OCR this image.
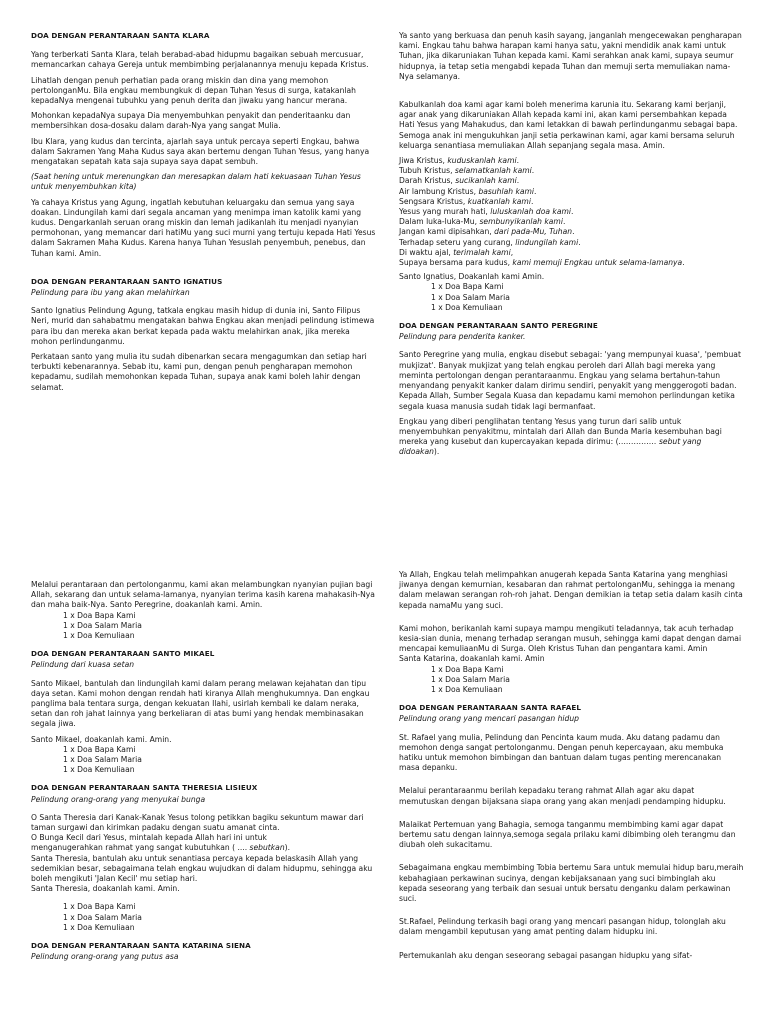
DOA DENGAN PERANTARAAN SANTA KLARA
Yang terberkati Santa Klara, telah berabad-abad hidupmu bagaikan sebuah mercusuar, memancarkan cahaya Gereja untuk membimbing perjalanannya menuju kepada Kristus.
Lihatlah dengan penuh perhatian pada orang miskin dan dina yang memohon pertolonganMu. Bila engkau membungkuk di depan Tuhan Yesus di surga, katakanlah kepadaNya mengenai tubuhku yang penuh derita dan jiwaku yang hancur merana.
Mohonkan kepadaNya supaya Dia menyembuhkan penyakit dan penderitaanku dan membersihkan dosa-dosaku dalam darah-Nya yang sangat Mulia.
Ibu Klara, yang kudus dan tercinta, ajarlah saya untuk percaya seperti Engkau, bahwa dalam Sakramen Yang Maha Kudus saya akan bertemu dengan Tuhan Yesus, yang hanya mengatakan sepatah kata saja supaya saya dapat sembuh.
(Saat hening untuk merenungkan dan meresapkan dalam hati kekuasaan Tuhan Yesus untuk menyembuhkan kita)
Ya cahaya Kristus yang Agung, ingatlah kebutuhan keluargaku dan semua yang saya doakan. Lindungilah kami dari segala ancaman yang menimpa iman katolik kami yang kudus. Dengarkanlah seruan orang miskin dan lemah jadikanlah itu menjadi nyanyian permohonan, yang memancar dari hatiMu yang suci murni yang tertuju kepada Hati Yesus dalam Sakramen Maha Kudus. Karena hanya Tuhan Yesuslah penyembuh, penebus, dan Tuhan kami. Amin.
DOA DENGAN PERANTARAAN SANTO IGNATIUS
Pelindung para ibu yang akan melahirkan
Santo Ignatius Pelindung Agung, tatkala engkau masih hidup di dunia ini, Santo Filipus Neri, murid dan sahabatmu mengatakan bahwa Engkau akan menjadi pelindung istimewa para ibu dan mereka akan berkat kepada pada waktu melahirkan anak, jika mereka mohon perlindunganmu.
Perkataan santo yang mulia itu sudah dibenarkan secara mengagumkan dan setiap hari terbukti kebenarannya. Sebab itu, kami pun, dengan penuh pengharapan memohon kepadamu, sudilah memohonkan kepada Tuhan, supaya anak kami boleh lahir dengan selamat.
Ya santo yang berkuasa dan penuh kasih sayang, janganlah mengecewakan pengharapan kami. Engkau tahu bahwa harapan kami hanya satu, yakni mendidik anak kami untuk Tuhan, jika dikaruniakan Tuhan kepada kami. Kami serahkan anak kami, supaya seumur hidupnya, ia tetap setia mengabdi kepada Tuhan dan memuji serta memuliakan nama-Nya selamanya.
Kabulkanlah doa kami agar kami boleh menerima karunia itu. Sekarang kami berjanji, agar anak yang dikaruniakan Allah kepada kami ini, akan kami persembahkan kepada Hati Yesus yang Mahakudus, dan kami letakkan di bawah perlindunganmu sebagai bapa. Semoga anak ini mengukuhkan janji setia perkawinan kami, agar kami bersama seluruh keluarga senantiasa memuliakan Allah sepanjang segala masa. Amin.
Jiwa Kristus, kuduskanlah kami.
Tubuh Kristus, selamatkanlah kami.
Darah Kristus, sucikanlah kami.
Air lambung Kristus, basuhlah kami.
Sengsara Kristus, kuatkanlah kami.
Yesus yang murah hati, luluskanlah doa kami.
Dalam luka-luka-Mu, sembunyikanlah kami.
Jangan kami dipisahkan, dari pada-Mu, Tuhan.
Terhadap seteru yang curang, lindungilah kami.
Di waktu ajal, terimalah kami,
Supaya bersama para kudus, kami memuji Engkau untuk selama-lamanya.
Santo Ignatius, Doakanlah kami Amin.
1 x Doa Bapa Kami
1 x Doa Salam Maria
1 x Doa Kemuliaan
DOA DENGAN PERANTARAAN SANTO PEREGRINE
Pelindung para penderita kanker.
Santo Peregrine yang mulia, engkau disebut sebagai: 'yang mempunyai kuasa', 'pembuat mukjizat'. Banyak mukjizat yang telah engkau peroleh dari Allah bagi mereka yang meminta pertolongan dengan perantaraanmu. Engkau yang selama bertahun-tahun menyandang penyakit kanker dalam dirimu sendiri, penyakit yang menggerogoti badan. Kepada Allah, Sumber Segala Kuasa dan kepadamu kami memohon perlindungan ketika segala kuasa manusia sudah tidak lagi bermanfaat.
Engkau yang diberi penglihatan tentang Yesus yang turun dari salib untuk menyembuhkan penyakitmu, mintalah dari Allah dan Bunda Maria kesembuhan bagi mereka yang kusebut dan kupercayakan kepada dirimu: (…………… sebut yang didoakan).
Melalui perantaraan dan pertolonganmu, kami akan melambungkan nyanyian pujian bagi Allah, sekarang dan untuk selama-lamanya, nyanyian terima kasih karena mahakasih-Nya dan maha baik-Nya. Santo Peregrine, doakanlah kami. Amin.
1 x Doa Bapa Kami
1 x Doa Salam Maria
1 x Doa Kemuliaan
DOA DENGAN PERANTARAAN SANTO MIKAEL
Pelindung dari kuasa setan
Santo Mikael, bantulah dan lindungilah kami dalam perang melawan kejahatan dan tipu daya setan. Kami mohon dengan rendah hati kiranya Allah menghukumnya. Dan engkau panglima bala tentara surga, dengan kekuatan Ilahi, usirlah kembali ke dalam neraka, setan dan roh jahat lainnya yang berkeliaran di atas bumi yang hendak membinasakan segala jiwa.
Santo Mikael, doakanlah kami. Amin.
1 x Doa Bapa Kami
1 x Doa Salam Maria
1 x Doa Kemuliaan
DOA DENGAN PERANTARAAN SANTA THERESIA LISIEUX
Pelindung orang-orang yang menyukai bunga
O Santa Theresia dari Kanak-Kanak Yesus tolong petikkan bagiku sekuntum mawar dari taman surgawi dan kirimkan padaku dengan suatu amanat cinta.
O Bunga Kecil dari Yesus, mintalah kepada Allah hari ini untuk
menganugerahkan rahmat yang sangat kubutuhkan ( .... sebutkan).
Santa Theresia, bantulah aku untuk senantiasa percaya kepada belaskasih Allah yang sedemikian besar, sebagaimana telah engkau wujudkan di dalam hidupmu, sehingga aku boleh mengikuti 'Jalan Kecil' mu setiap hari.
Santa Theresia, doakanlah kami. Amin.
1 x Doa Bapa Kami
1 x Doa Salam Maria
1 x Doa Kemuliaan
DOA DENGAN PERANTARAAN SANTA KATARINA SIENA
Pelindung orang-orang yang putus asa
Ya Allah, Engkau telah melimpahkan anugerah kepada Santa Katarina yang menghiasi jiwanya dengan kemurnian, kesabaran dan rahmat pertolonganMu, sehingga ia menang dalam melawan serangan roh-roh jahat. Dengan demikian ia tetap setia dalam kasih cinta kepada namaMu yang suci.
Kami mohon, berikanlah kami supaya mampu mengikuti teladannya, tak acuh terhadap kesia-sian dunia, menang terhadap serangan musuh, sehingga kami dapat dengan damai mencapai kemuliaanMu di Surga. Oleh Kristus Tuhan dan pengantara kami. Amin
Santa Katarina, doakanlah kami. Amin
1 x Doa Bapa Kami
1 x Doa Salam Maria
1 x Doa Kemuliaan
DOA DENGAN PERANTARAAN SANTA RAFAEL
Pelindung orang yang mencari pasangan hidup
St. Rafael yang mulia, Pelindung dan Pencinta kaum muda. Aku datang padamu dan memohon denga sangat pertolonganmu. Dengan penuh kepercayaan, aku membuka hatiku untuk memohon bimbingan dan bantuan dalam tugas penting merencanakan masa depanku.
Melalui perantaraanmu berilah kepadaku terang rahmat Allah agar aku dapat memutuskan dengan bijaksana siapa orang yang akan menjadi pendamping hidupku.
Malaikat Pertemuan yang Bahagia, semoga tanganmu membimbing kami agar dapat bertemu satu dengan lainnya,semoga segala prilaku kami dibimbing oleh terangmu dan diubah oleh sukacitamu.
Sebagaimana engkau membimbing Tobia bertemu Sara untuk memulai hidup baru,meraih kebahagiaan perkawinan sucinya, dengan kebijaksanaan yang suci bimbinglah aku kepada seseorang yang terbaik dan sesuai untuk bersatu denganku dalam perkawinan suci.
St.Rafael, Pelindung terkasih bagi orang yang mencari pasangan hidup, tolonglah aku dalam mengambil keputusan yang amat penting dalam hidupku ini.
Pertemukanlah aku dengan seseorang sebagai pasangan hidupku yang sifat-
